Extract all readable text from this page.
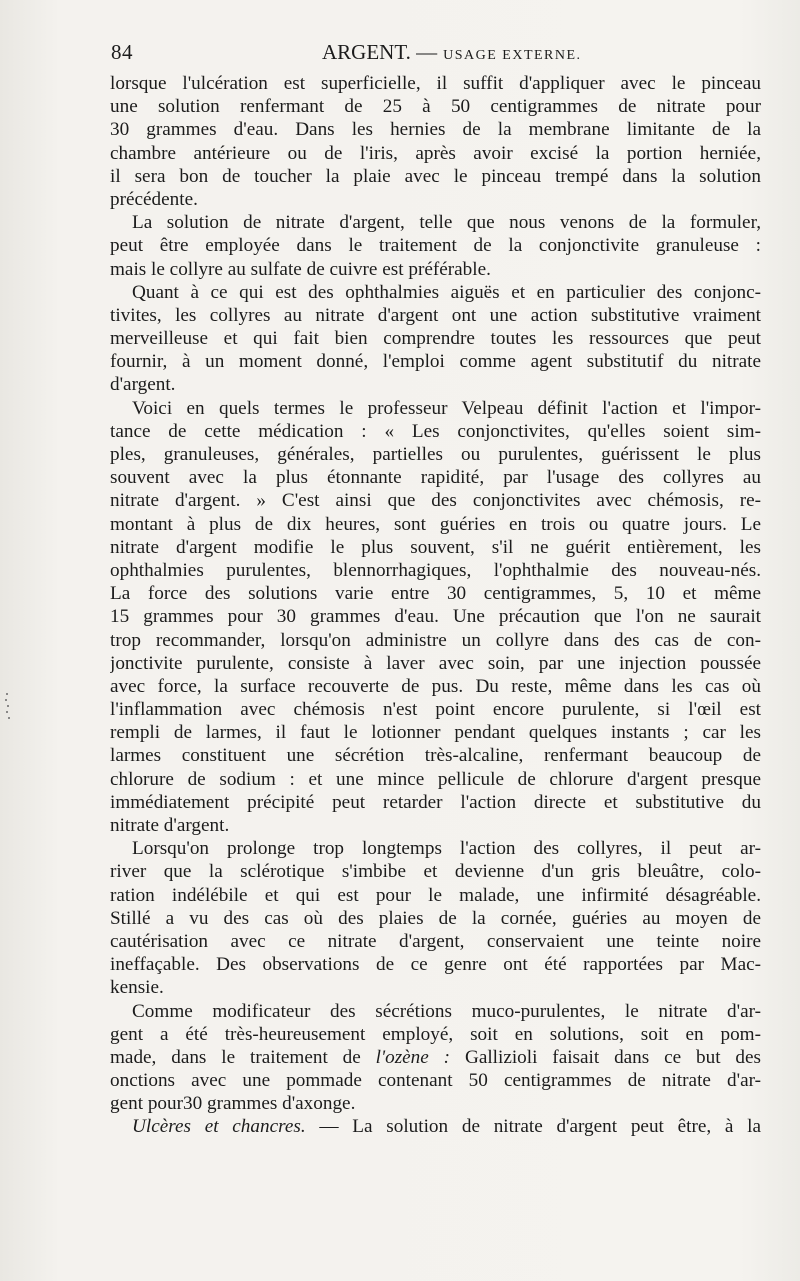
84	ARGENT. — USAGE EXTERNE.
lorsque l'ulcération est superficielle, il suffit d'appliquer avec le pinceau
une solution renfermant de 25 à 50 centigrammes de nitrate pour
30 grammes d'eau. Dans les hernies de la membrane limitante de la
chambre antérieure ou de l'iris, après avoir excisé la portion herniée,
il sera bon de toucher la plaie avec le pinceau trempé dans la solution
précédente.
La solution de nitrate d'argent, telle que nous venons de la formuler,
peut être employée dans le traitement de la conjonctivite granuleuse :
mais le collyre au sulfate de cuivre est préférable.
Quant à ce qui est des ophthalmies aiguës et en particulier des conjonc-
tivites, les collyres au nitrate d'argent ont une action substitutive vraiment
merveilleuse et qui fait bien comprendre toutes les ressources que peut
fournir, à un moment donné, l'emploi comme agent substitutif du nitrate
d'argent.
Voici en quels termes le professeur Velpeau définit l'action et l'impor-
tance de cette médication : « Les conjonctivites, qu'elles soient sim-
ples, granuleuses, générales, partielles ou purulentes, guérissent le plus
souvent avec la plus étonnante rapidité, par l'usage des collyres au
nitrate d'argent. » C'est ainsi que des conjonctivites avec chémosis, re-
montant à plus de dix heures, sont guéries en trois ou quatre jours. Le
nitrate d'argent modifie le plus souvent, s'il ne guérit entièrement, les
ophthalmies purulentes, blennorrhagiques, l'ophthalmie des nouveau-nés.
La force des solutions varie entre 30 centigrammes, 5, 10 et même
15 grammes pour 30 grammes d'eau. Une précaution que l'on ne saurait
trop recommander, lorsqu'on administre un collyre dans des cas de con-
jonctivite purulente, consiste à laver avec soin, par une injection poussée
avec force, la surface recouverte de pus. Du reste, même dans les cas où
l'inflammation avec chémosis n'est point encore purulente, si l'œil est
rempli de larmes, il faut le lotionner pendant quelques instants ; car les
larmes constituent une sécrétion très-alcaline, renfermant beaucoup de
chlorure de sodium : et une mince pellicule de chlorure d'argent presque
immédiatement précipité peut retarder l'action directe et substitutive du
nitrate d'argent.
Lorsqu'on prolonge trop longtemps l'action des collyres, il peut ar-
river que la sclérotique s'imbibe et devienne d'un gris bleuâtre, colo-
ration indélébile et qui est pour le malade, une infirmité désagréable.
Stillé a vu des cas où des plaies de la cornée, guéries au moyen de
cautérisation avec ce nitrate d'argent, conservaient une teinte noire
ineffaçable. Des observations de ce genre ont été rapportées par Mac-
kensie.
Comme modificateur des sécrétions muco-purulentes, le nitrate d'ar-
gent a été très-heureusement employé, soit en solutions, soit en pom-
made, dans le traitement de l'ozène : Gallizioli faisait dans ce but des
onctions avec une pommade contenant 50 centigrammes de nitrate d'ar-
gent pour30 grammes d'axonge.
Ulcères et chancres. — La solution de nitrate d'argent peut être, à la
